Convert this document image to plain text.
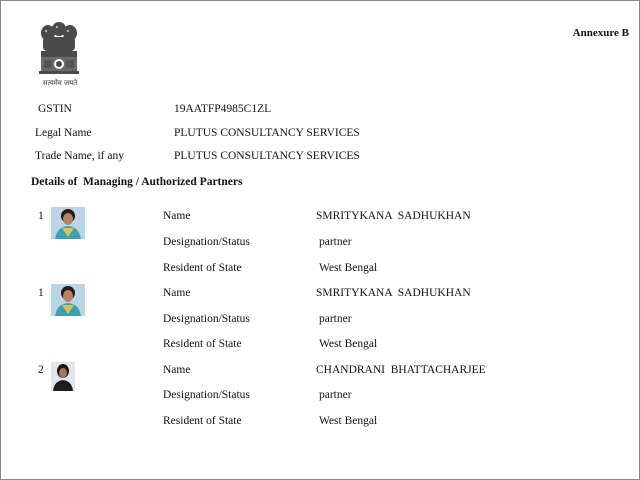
सत्यमेव जयते
Annexure B
GSTIN	19AATFP4985C1ZL
Legal Name	PLUTUS CONSULTANCY SERVICES
Trade Name, if any	PLUTUS CONSULTANCY SERVICES
Details of  Managing / Authorized Partners
1	Name	SMRITYKANA  SADHUKHAN
Designation/Status	partner
Resident of State	West Bengal
1	Name	SMRITYKANA  SADHUKHAN
Designation/Status	partner
Resident of State	West Bengal
2	Name	CHANDRANI  BHATTACHARJEE
Designation/Status	partner
Resident of State	West Bengal
